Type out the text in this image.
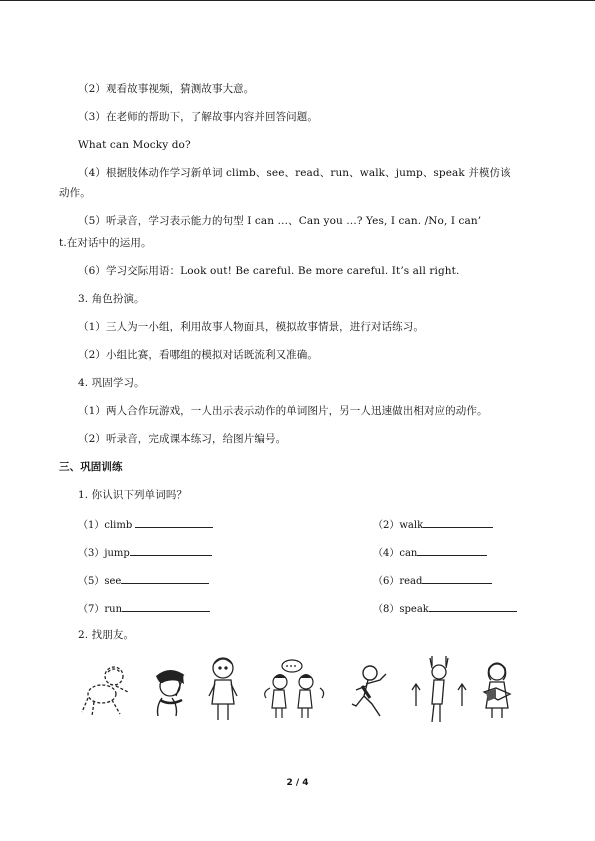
（2）观看故事视频，猜测故事大意。
（3）在老师的帮助下，了解故事内容并回答问题。
What can Mocky do?
（4）根据肢体动作学习新单词 climb、see、read、run、walk、jump、speak 并模仿该
动作。
（5）听录音，学习表示能力的句型 I can …、Can you …? Yes, I can. /No, I can’
t.在对话中的运用。
（6）学习交际用语：Look out! Be careful. Be more careful. It’s all right.
3. 角色扮演。
（1）三人为一小组，利用故事人物面具，模拟故事情景，进行对话练习。
（2）小组比赛，看哪组的模拟对话既流利又准确。
4. 巩固学习。
（1）两人合作玩游戏，一人出示表示动作的单词图片，另一人迅速做出相对应的动作。
（2）听录音，完成课本练习，给图片编号。
三、巩固训练
1. 你认识下列单词吗？
（1）climb	（2）walk
（3）jump	（4）can
（5）see	（6）read
（7）run	（8）speak
2. 找朋友。
2 / 4
